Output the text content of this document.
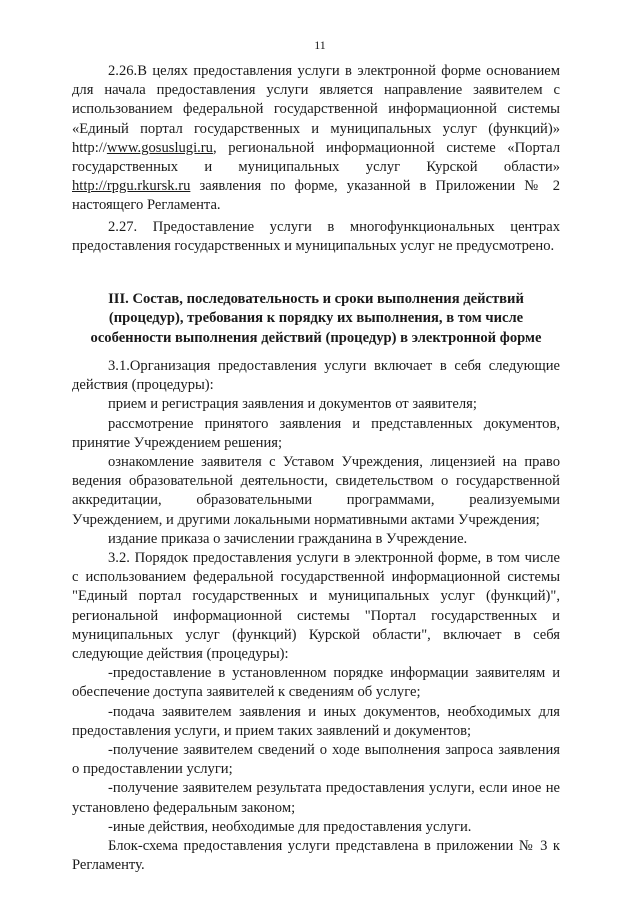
11

2.26.В целях предоставления услуги в электронной форме основанием для начала предоставления услуги является направление заявителем с использованием федеральной государственной информационной системы «Единый портал государственных и муниципальных услуг (функций)» http://www.gosuslugi.ru, региональной информационной системе «Портал государственных и муниципальных услуг Курской области» http://rpgu.rkursk.ru заявления по форме, указанной в Приложении № 2 настоящего Регламента.

2.27. Предоставление услуги в многофункциональных центрах предоставления государственных и муниципальных услуг не предусмотрено.

III. Состав, последовательность и сроки выполнения действий
(процедур), требования к порядку их выполнения, в том числе
особенности выполнения действий (процедур) в электронной форме

3.1.Организация предоставления услуги включает в себя следующие действия (процедуры):

прием и регистрация заявления и документов от заявителя;

рассмотрение принятого заявления и представленных документов, принятие Учреждением решения;

ознакомление заявителя с Уставом Учреждения, лицензией на право ведения образовательной деятельности, свидетельством о государственной аккредитации, образовательными программами, реализуемыми Учреждением, и другими локальными нормативными актами Учреждения;

издание приказа о зачислении гражданина в Учреждение.

3.2. Порядок предоставления услуги в электронной форме, в том числе с использованием федеральной государственной информационной системы "Единый портал государственных и муниципальных услуг (функций)", региональной информационной системы "Портал государственных и муниципальных услуг (функций) Курской области", включает в себя следующие действия (процедуры):

-предоставление в установленном порядке информации заявителям и обеспечение доступа заявителей к сведениям об услуге;

-подача заявителем заявления и иных документов, необходимых для предоставления услуги, и прием таких заявлений и документов;

-получение заявителем сведений о ходе выполнения запроса заявления о предоставлении услуги;

-получение заявителем результата предоставления услуги, если иное не установлено федеральным законом;

-иные действия, необходимые для предоставления услуги.

Блок-схема предоставления услуги представлена в приложении № 3 к Регламенту.
